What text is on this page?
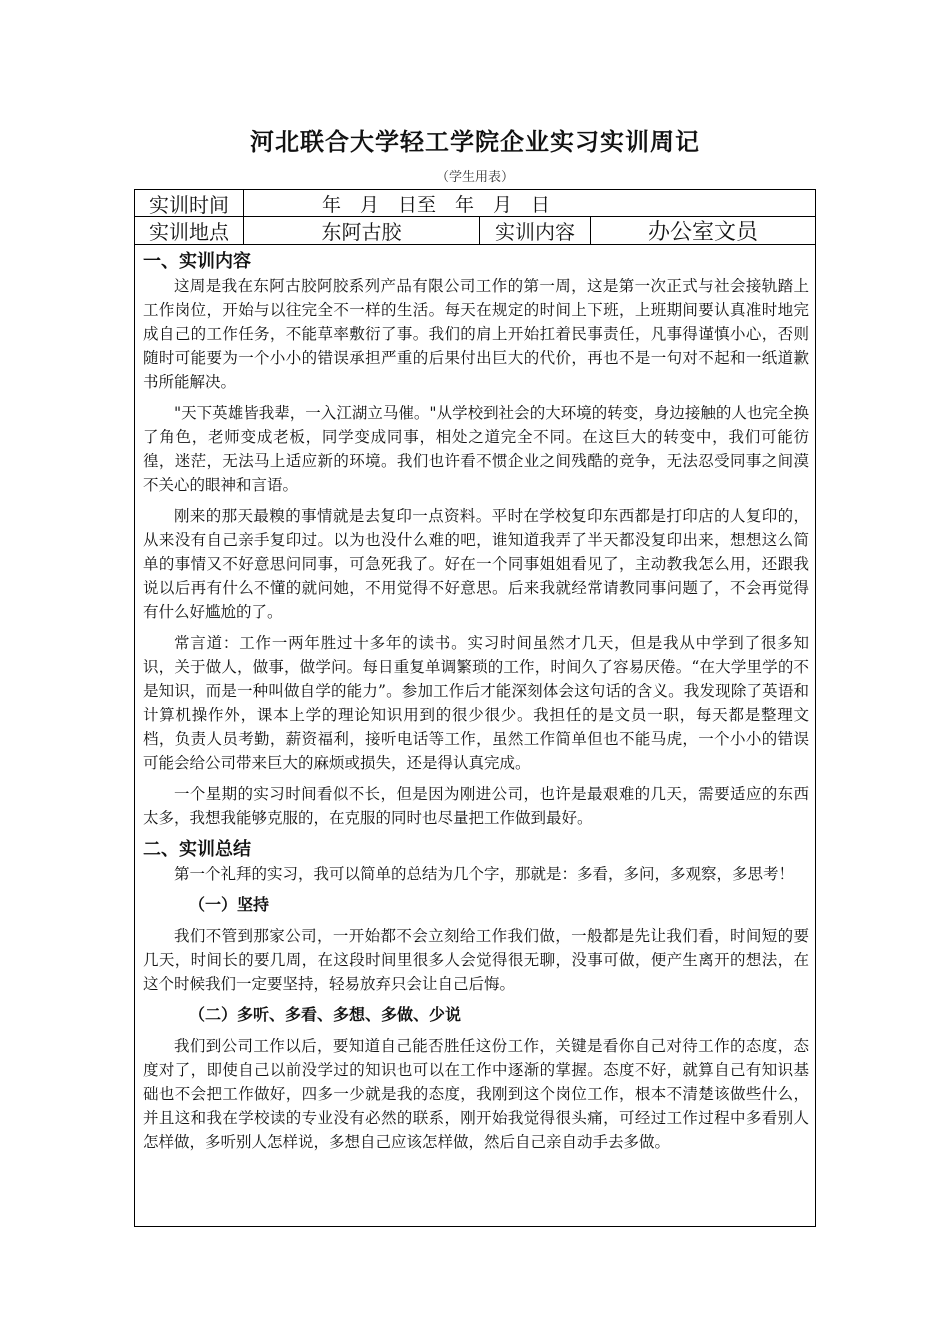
河北联合大学轻工学院企业实习实训周记
（学生用表）
实训时间	年　月　日至　年　月　日
实训地点	东阿古胶	实训内容	办公室文员
一、实训内容

这周是我在东阿古胶阿胶系列产品有限公司工作的第一周，这是第一次正式与社会接轨踏上工作岗位，开始与以往完全不一样的生活。每天在规定的时间上下班，上班期间要认真准时地完成自己的工作任务，不能草率敷衍了事。我们的肩上开始扛着民事责任，凡事得谨慎小心，否则随时可能要为一个小小的错误承担严重的后果付出巨大的代价，再也不是一句对不起和一纸道歉书所能解决。

"天下英雄皆我辈，一入江湖立马催。"从学校到社会的大环境的转变，身边接触的人也完全换了角色，老师变成老板，同学变成同事，相处之道完全不同。在这巨大的转变中，我们可能彷徨，迷茫，无法马上适应新的环境。我们也许看不惯企业之间残酷的竞争，无法忍受同事之间漠不关心的眼神和言语。

刚来的那天最糗的事情就是去复印一点资料。平时在学校复印东西都是打印店的人复印的，从来没有自己亲手复印过。以为也没什么难的吧，谁知道我弄了半天都没复印出来，想想这么简单的事情又不好意思问同事，可急死我了。好在一个同事姐姐看见了，主动教我怎么用，还跟我说以后再有什么不懂的就问她，不用觉得不好意思。后来我就经常请教同事问题了，不会再觉得有什么好尴尬的了。

常言道：工作一两年胜过十多年的读书。实习时间虽然才几天，但是我从中学到了很多知识，关于做人，做事，做学问。每日重复单调繁琐的工作，时间久了容易厌倦。“在大学里学的不是知识，而是一种叫做自学的能力”。参加工作后才能深刻体会这句话的含义。我发现除了英语和计算机操作外，课本上学的理论知识用到的很少很少。我担任的是文员一职，每天都是整理文档，负责人员考勤，薪资福利，接听电话等工作，虽然工作简单但也不能马虎，一个小小的错误可能会给公司带来巨大的麻烦或损失，还是得认真完成。

一个星期的实习时间看似不长，但是因为刚进公司，也许是最艰难的几天，需要适应的东西太多，我想我能够克服的，在克服的同时也尽量把工作做到最好。

二、实训总结

第一个礼拜的实习，我可以简单的总结为几个字，那就是：多看，多问，多观察，多思考！

（一）坚持

我们不管到那家公司，一开始都不会立刻给工作我们做，一般都是先让我们看，时间短的要几天，时间长的要几周，在这段时间里很多人会觉得很无聊，没事可做，便产生离开的想法，在这个时候我们一定要坚持，轻易放弃只会让自己后悔。

（二）多听、多看、多想、多做、少说

我们到公司工作以后，要知道自己能否胜任这份工作，关键是看你自己对待工作的态度，态度对了，即使自己以前没学过的知识也可以在工作中逐渐的掌握。态度不好，就算自己有知识基础也不会把工作做好，四多一少就是我的态度，我刚到这个岗位工作，根本不清楚该做些什么，并且这和我在学校读的专业没有必然的联系，刚开始我觉得很头痛，可经过工作过程中多看别人怎样做，多听别人怎样说，多想自己应该怎样做，然后自己亲自动手去多做。
